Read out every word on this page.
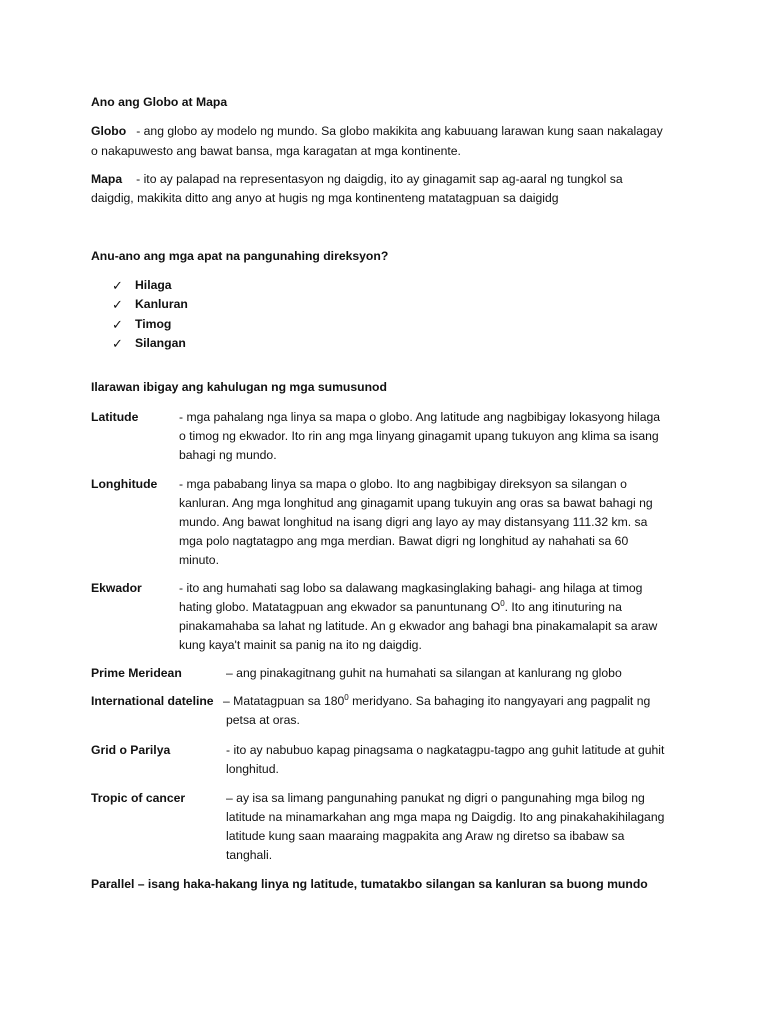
Ano ang Globo at Mapa
Globo - ang globo ay modelo ng mundo. Sa globo makikita ang kabuuang larawan kung saan nakalagay
o nakapuwesto ang bawat bansa, mga karagatan at mga kontinente.
Mapa - ito ay palapad na representasyon ng daigdig, ito ay ginagamit sap ag-aaral ng tungkol sa
daigdig, makikita ditto ang anyo at hugis ng mga kontinenteng matatagpuan sa daigidg
Anu-ano ang mga apat na pangunahing direksyon?
✓ Hilaga
✓ Kanluran
✓ Timog
✓ Silangan
Ilarawan ibigay ang kahulugan ng mga sumusunod
Latitude	- mga pahalang nga linya sa mapa o globo. Ang latitude ang nagbibigay lokasyong hilaga
o timog ng ekwador. Ito rin ang mga linyang ginagamit upang tukuyon ang klima sa isang
bahagi ng mundo.
Longhitude - mga pababang linya sa mapa o globo. Ito ang nagbibigay direksyon sa silangan o
kanluran. Ang mga longhitud ang ginagamit upang tukuyin ang oras sa bawat bahagi ng
mundo. Ang bawat longhitud na isang digri ang layo ay may distansyang 111.32 km. sa
mga polo nagtatagpo ang mga merdian. Bawat digri ng longhitud ay nahahati sa 60
minuto.
Ekwador	- ito ang humahati sag lobo sa dalawang magkasinglaking bahagi- ang hilaga at timog
hating globo. Matatagpuan ang ekwador sa panuntunang $O^0$. Ito ang itinuturing na
pinakamahaba sa lahat ng latitude. An g ekwador ang bahagi bna pinakamalapit sa araw
kung kaya't mainit sa panig na ito ng daigdig.
Prime Meridean	– ang pinakagitnang guhit na humahati sa silangan at kanlurang ng globo
International dateline – Matatagpuan sa $180^0$ meridyano. Sa bahaging ito nangyayari ang pagpalit ng
petsa at oras.
Grid o Parilya	- ito ay nabubuo kapag pinagsama o nagkatagpu-tagpo ang guhit latitude at guhit
longhitud.
Tropic of cancer	– ay isa sa limang pangunahing panukat ng digri o pangunahing mga bilog ng
latitude na minamarkahan ang mga mapa ng Daigdig. Ito ang pinakahakihilagang
latitude kung saan maaraing magpakita ang Araw ng diretso sa ibabaw sa
tanghali.
Parallel – isang haka-hakang linya ng latitude, tumatakbo silangan sa kanluran sa buong mundo
